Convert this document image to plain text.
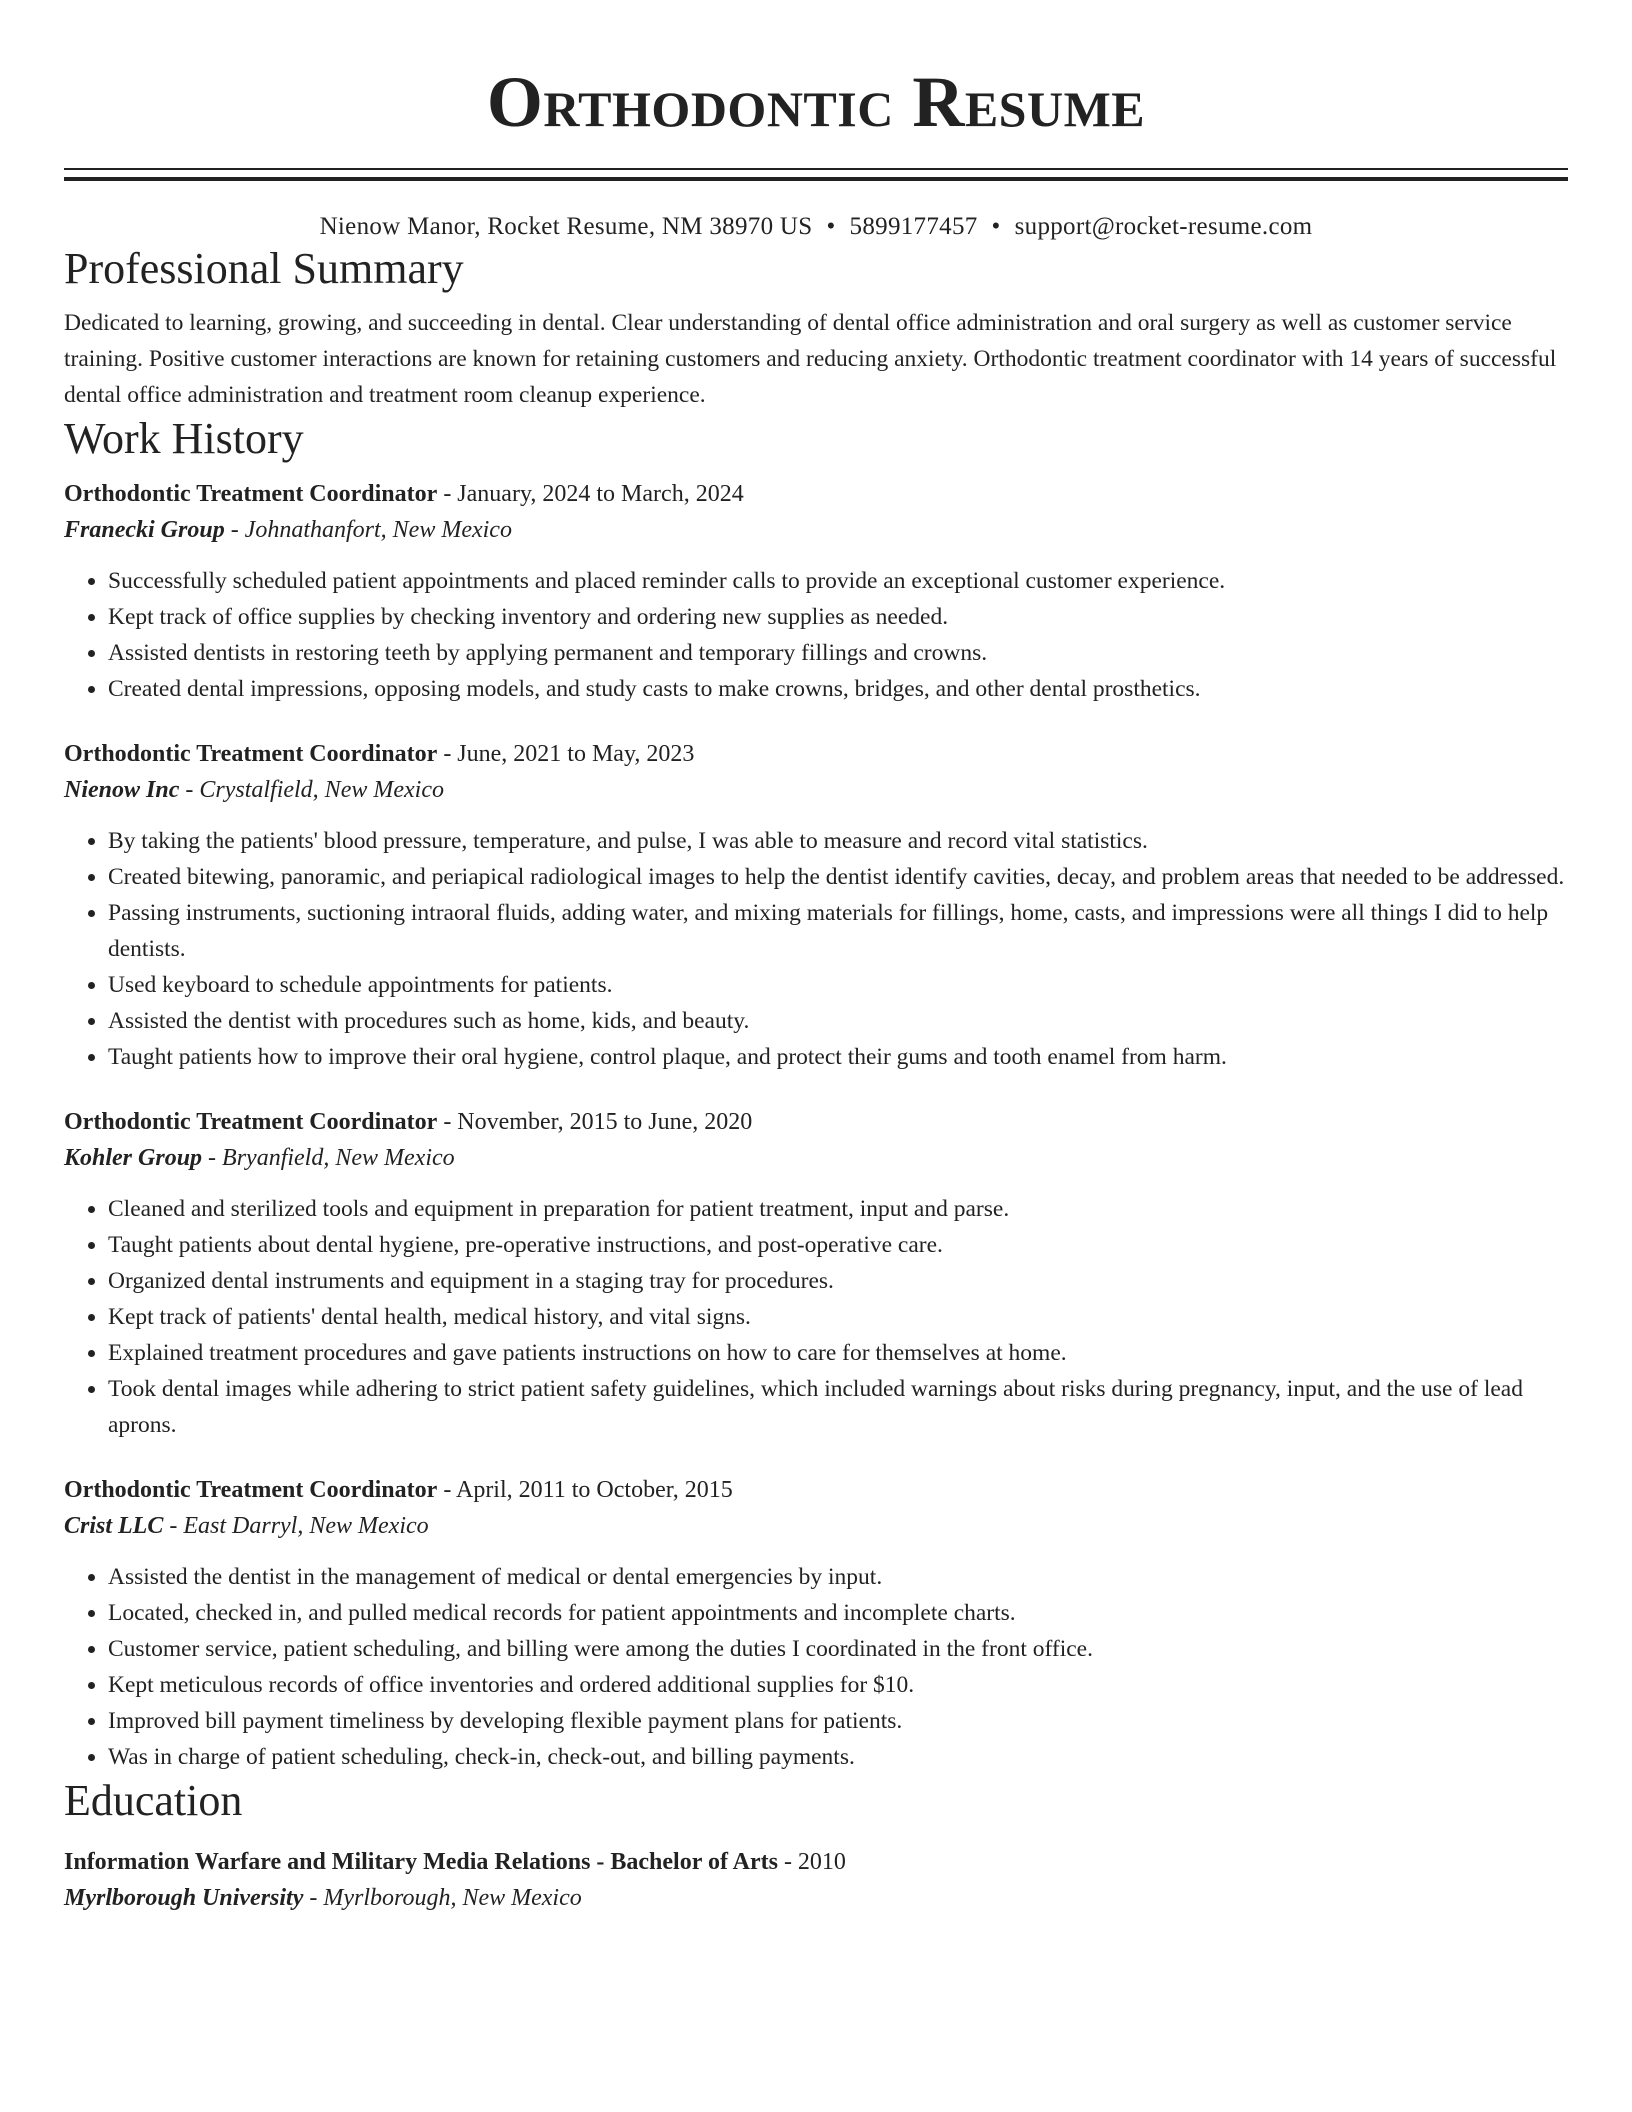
Orthodontic Resume
Nienow Manor, Rocket Resume, NM 38970 US • 5899177457 • support@rocket-resume.com
Professional Summary

Dedicated to learning, growing, and succeeding in dental. Clear understanding of dental office administration and oral surgery as well as customer service training. Positive customer interactions are known for retaining customers and reducing anxiety. Orthodontic treatment coordinator with 14 years of successful dental office administration and treatment room cleanup experience.

Work History
Orthodontic Treatment Coordinator - January, 2024 to March, 2024
Franecki Group - Johnathanfort, New Mexico
• Successfully scheduled patient appointments and placed reminder calls to provide an exceptional customer experience.
• Kept track of office supplies by checking inventory and ordering new supplies as needed.
• Assisted dentists in restoring teeth by applying permanent and temporary fillings and crowns.
• Created dental impressions, opposing models, and study casts to make crowns, bridges, and other dental prosthetics.
Orthodontic Treatment Coordinator - June, 2021 to May, 2023
Nienow Inc - Crystalfield, New Mexico
• By taking the patients' blood pressure, temperature, and pulse, I was able to measure and record vital statistics.
• Created bitewing, panoramic, and periapical radiological images to help the dentist identify cavities, decay, and problem areas that needed to be addressed.
• Passing instruments, suctioning intraoral fluids, adding water, and mixing materials for fillings, home, casts, and impressions were all things I did to help dentists.
• Used keyboard to schedule appointments for patients.
• Assisted the dentist with procedures such as home, kids, and beauty.
• Taught patients how to improve their oral hygiene, control plaque, and protect their gums and tooth enamel from harm.
Orthodontic Treatment Coordinator - November, 2015 to June, 2020
Kohler Group - Bryanfield, New Mexico
• Cleaned and sterilized tools and equipment in preparation for patient treatment, input and parse.
• Taught patients about dental hygiene, pre-operative instructions, and post-operative care.
• Organized dental instruments and equipment in a staging tray for procedures.
• Kept track of patients' dental health, medical history, and vital signs.
• Explained treatment procedures and gave patients instructions on how to care for themselves at home.
• Took dental images while adhering to strict patient safety guidelines, which included warnings about risks during pregnancy, input, and the use of lead aprons.
Orthodontic Treatment Coordinator - April, 2011 to October, 2015
Crist LLC - East Darryl, New Mexico
• Assisted the dentist in the management of medical or dental emergencies by input.
• Located, checked in, and pulled medical records for patient appointments and incomplete charts.
• Customer service, patient scheduling, and billing were among the duties I coordinated in the front office.
• Kept meticulous records of office inventories and ordered additional supplies for $10.
• Improved bill payment timeliness by developing flexible payment plans for patients.
• Was in charge of patient scheduling, check-in, check-out, and billing payments.
Education
Information Warfare and Military Media Relations - Bachelor of Arts - 2010
Myrlborough University - Myrlborough, New Mexico
